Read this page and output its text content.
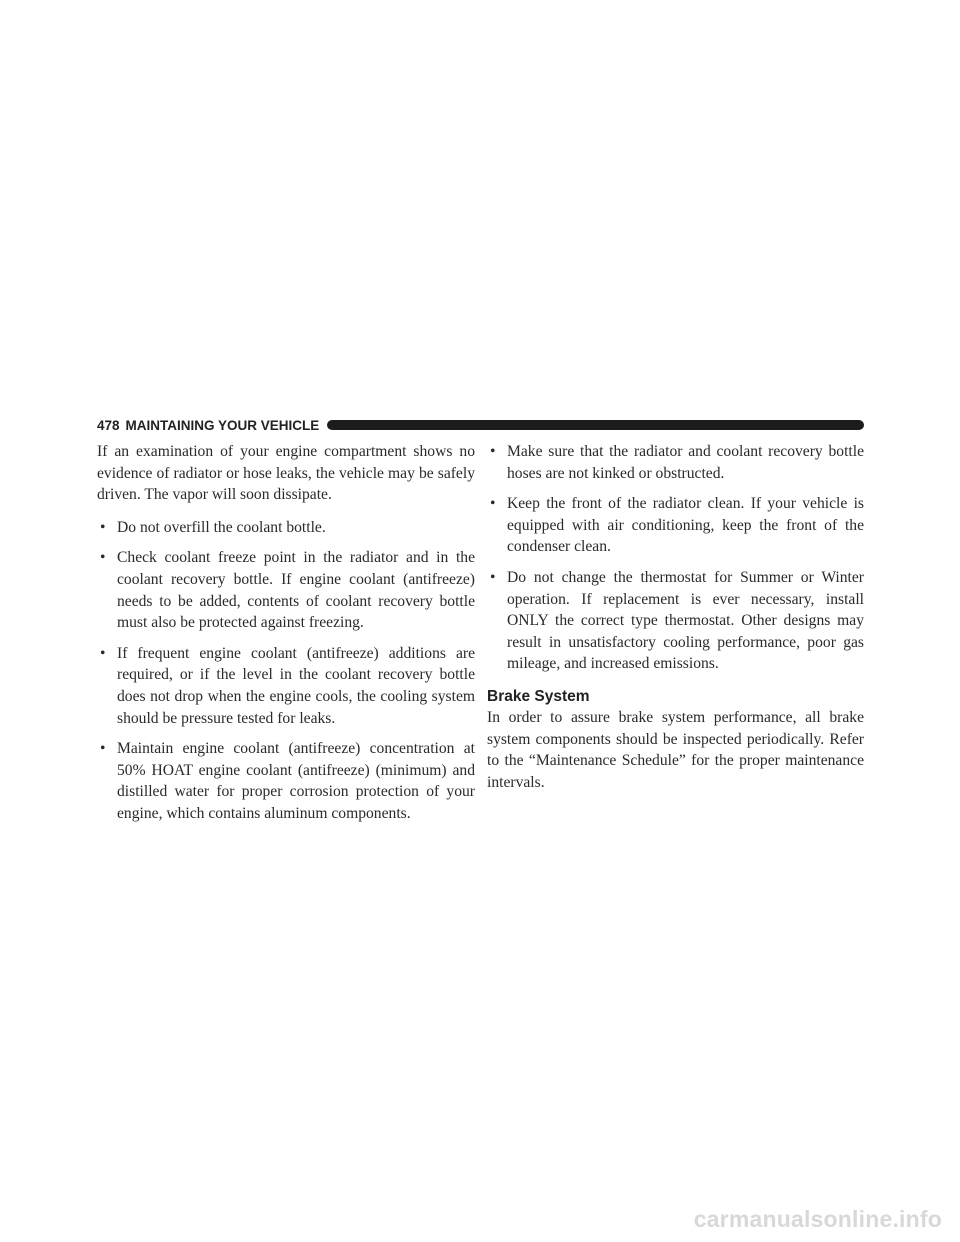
478 MAINTAINING YOUR VEHICLE

If an examination of your engine compartment shows no evidence of radiator or hose leaks, the vehicle may be safely driven. The vapor will soon dissipate.

• Do not overfill the coolant bottle.

• Check coolant freeze point in the radiator and in the coolant recovery bottle. If engine coolant (antifreeze) needs to be added, contents of coolant recovery bottle must also be protected against freezing.

• If frequent engine coolant (antifreeze) additions are required, or if the level in the coolant recovery bottle does not drop when the engine cools, the cooling system should be pressure tested for leaks.

• Maintain engine coolant (antifreeze) concentration at 50% HOAT engine coolant (antifreeze) (minimum) and distilled water for proper corrosion protection of your engine, which contains aluminum components.

• Make sure that the radiator and coolant recovery bottle hoses are not kinked or obstructed.

• Keep the front of the radiator clean. If your vehicle is equipped with air conditioning, keep the front of the condenser clean.

• Do not change the thermostat for Summer or Winter operation. If replacement is ever necessary, install ONLY the correct type thermostat. Other designs may result in unsatisfactory cooling performance, poor gas mileage, and increased emissions.

Brake System

In order to assure brake system performance, all brake system components should be inspected periodically. Refer to the “Maintenance Schedule” for the proper maintenance intervals.

carmanualsonline.info
